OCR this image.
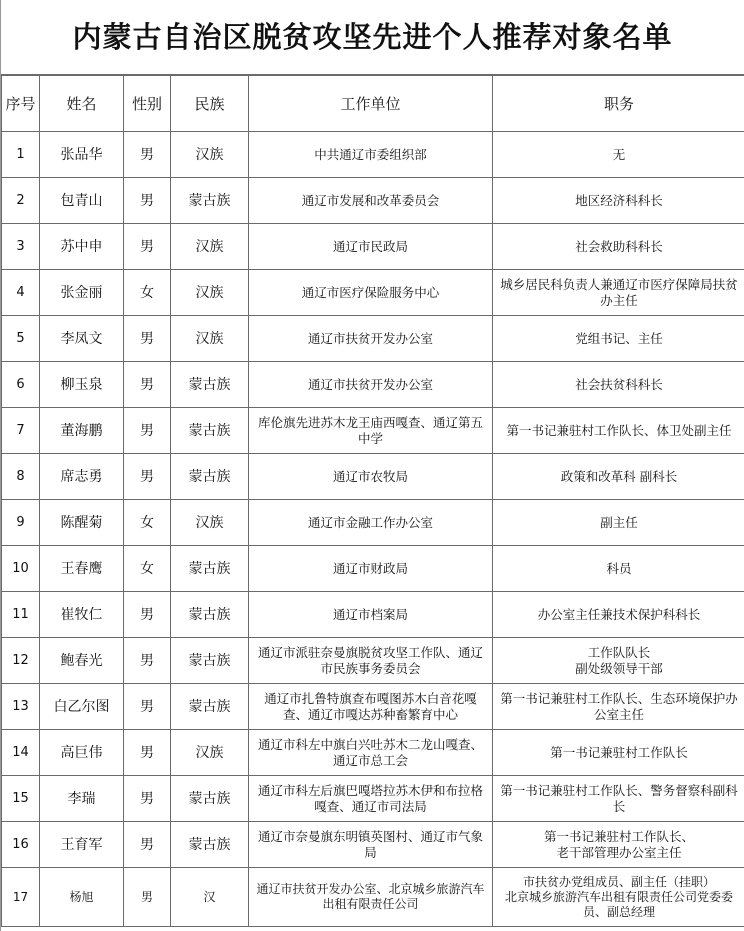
内蒙古自治区脱贫攻坚先进个人推荐对象名单
序号	姓名	性别	民族	工作单位	职务
1	张品华	男	汉族	中共通辽市委组织部	无
2	包青山	男	蒙古族	通辽市发展和改革委员会	地区经济科科长
3	苏中申	男	汉族	通辽市民政局	社会救助科科长
4	张金丽	女	汉族	通辽市医疗保险服务中心	城乡居民科负责人兼通辽市医疗保障局扶贫办主任
5	李凤文	男	汉族	通辽市扶贫开发办公室	党组书记、主任
6	柳玉泉	男	蒙古族	通辽市扶贫开发办公室	社会扶贫科科长
7	董海鹏	男	蒙古族	库伦旗先进苏木龙王庙西嘎查、通辽第五中学	第一书记兼驻村工作队长、体卫处副主任
8	席志勇	男	蒙古族	通辽市农牧局	政策和改革科 副科长
9	陈醒菊	女	汉族	通辽市金融工作办公室	副主任
10	王春鹰	女	蒙古族	通辽市财政局	科员
11	崔牧仁	男	蒙古族	通辽市档案局	办公室主任兼技术保护科科长
12	鲍春光	男	蒙古族	通辽市派驻奈曼旗脱贫攻坚工作队、通辽市民族事务委员会	工作队队长
副处级领导干部

13	白乙尔图	男	蒙古族	通辽市扎鲁特旗查布嘎图苏木白音花嘎查、通辽市嘎达苏种畜繁育中心	第一书记兼驻村工作队长、生态环境保护办公室主任
14	高巨伟	男	汉族	通辽市科左中旗白兴吐苏木二龙山嘎查、通辽市总工会	第一书记兼驻村工作队长
15	李瑞	男	蒙古族	通辽市科左后旗巴嘎塔拉苏木伊和布拉格嘎查、通辽市司法局	第一书记兼驻村工作队长、警务督察科副科长
16	王育军	男	蒙古族	通辽市奈曼旗东明镇英图村、通辽市气象局	第一书记兼驻村工作队长、
老干部管理办公室主任

17	杨旭	男	汉	通辽市扶贫开发办公室、北京城乡旅游汽车出租有限责任公司	市扶贫办党组成员、副主任（挂职）
北京城乡旅游汽车出租有限责任公司党委委员、副总经理
